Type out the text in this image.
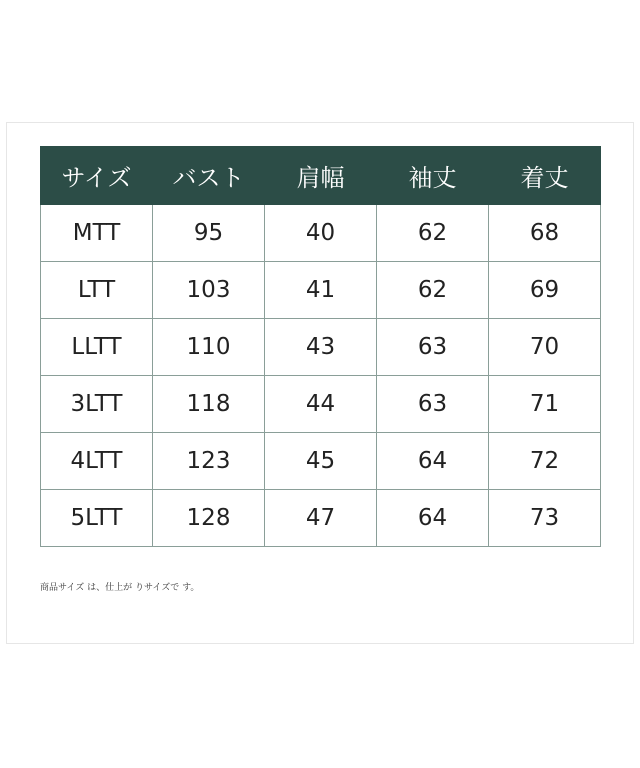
サイズ	バスト	肩幅	袖丈	着丈
MTT	95	40	62	68
LTT	103	41	62	69
LLTT	110	43	63	70
3LTT	118	44	63	71
4LTT	123	45	64	72
5LTT	128	47	64	73
商品サイズ は、仕上が りサイズで す。
